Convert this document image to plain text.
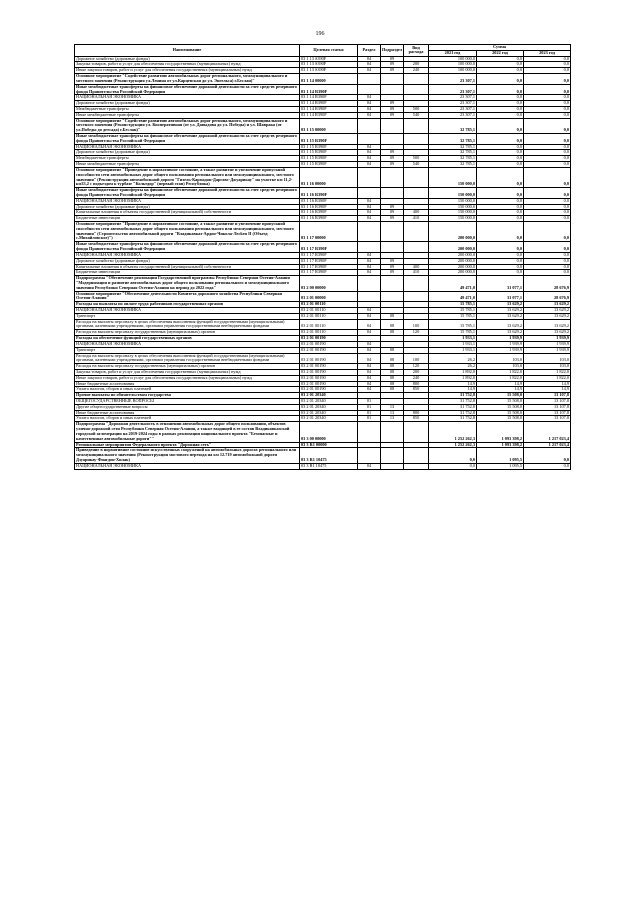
196
Наименование	Целевая статья	Раздел	Подраздел	Вид расхода	Сумма		
					2021 год	2022 год	2023 год
Дорожное хозяйство (дорожные фонды)	03 1 13 S390F	04	09		100 000,0	0,0	0,0
Закупка товаров, работ и услуг для обеспечения государственных (муниципальных) нужд	03 1 13 S390F	04	09	200	100 000,0	0,0	0,0
Иные закупки товаров, работ и услуг для обеспечения государственных (муниципальных) нужд	03 1 13 S390F	04	09	240	100 000,0	0,0	0,0
Основное мероприятие "Содействие развитию автомобильных дорог регионального, межмуниципального и местного значения (Реконструкция ул.Ленина от ул.Карцевская до ул. Энгельса) г.Беслан)"	03 1 14 00000				23 307,1	0,0	0,0
Иные межбюджетные трансферты на финансовое обеспечение дорожной деятельности за счет средств резервного фонда Правительства Российской Федерации	03 1 14 R390F				23 307,1	0,0	0,0
НАЦИОНАЛЬНАЯ ЭКОНОМИКА	03 1 14 R390F	04			23 307,1	0,0	0,0
Дорожное хозяйство (дорожные фонды)	03 1 14 R390F	04	09		23 307,1	0,0	0,0
Межбюджетные трансферты	03 1 14 R390F	04	09	500	23 307,1	0,0	0,0
Иные межбюджетные трансферты	03 1 14 R390F	04	09	540	23 307,1	0,0	0,0
Основное мероприятие "Содействие развитию автомобильных дорог регионального, межмуниципального и местного значения (Реконструкция ул. Кооперативная (от ул. Давыдова до ул. Победы) и ул. Шаврака (от ул.Победы до детсада) г.Беслан)"	03 1 15 00000				32 785,1	0,0	0,0
Иные межбюджетные трансферты на финансовое обеспечение дорожной деятельности за счет средств резервного фонда Правительства Российской Федерации	03 1 15 R390F				32 785,1	0,0	0,0
НАЦИОНАЛЬНАЯ ЭКОНОМИКА	03 1 15 R390F	04			32 785,1	0,0	0,0
Дорожное хозяйство (дорожные фонды)	03 1 15 R390F	04	09		32 785,1	0,0	0,0
Межбюджетные трансферты	03 1 15 R390F	04	09	500	32 785,1	0,0	0,0
Иные межбюджетные трансферты	03 1 15 R390F	04	09	540	32 785,1	0,0	0,0
Основное мероприятие "Приведение в нормативное состояние, а также развитие и увеличение пропускной способности сети автомобильных дорог общего пользования регионального или межмуниципального, местного значения" (Реконструкция автомобильной дороги "Гизель-Кармадон-Даргавс-Джуарикау" на участке км 11,2-км33,2 с подъездом к турбазе "Кольтдор" (первый этап) Республика)	03 1 16 00000				150 000,0	0,0	0,0
Иные межбюджетные трансферты на финансовое обеспечение дорожной деятельности за счет средств резервного фонда Правительства Российской Федерации	03 1 16 R390F				150 000,0	0,0	0,0
НАЦИОНАЛЬНАЯ ЭКОНОМИКА	03 1 16 R390F	04			150 000,0	0,0	0,0
Дорожное хозяйство (дорожные фонды)	03 1 16 R390F	04	09		150 000,0	0,0	0,0
Капитальные вложения в объекты государственной (муниципальной) собственности	03 1 16 R390F	04	09	400	150 000,0	0,0	0,0
Бюджетные инвестиции	03 1 16 R390F	04	09	410	150 000,0	0,0	0,0
Основное мероприятие "Приведение в нормативное состояние, а также развитие и увеличение пропускной способности сети автомобильных дорог общего пользования регионального или межмуниципального, местного значения" (Строительство автомобильной дороги "Владикавказ-Ардон-Чикола-Лесken II (Объезд с.Михайловское)")	03 1 17 00000				200 000,0	0,0	0,0
Иные межбюджетные трансферты на финансовое обеспечение дорожной деятельности за счет средств резервного фонда Правительства Российской Федерации	03 1 17 R390F				200 000,0	0,0	0,0
НАЦИОНАЛЬНАЯ ЭКОНОМИКА	03 1 17 R390F	04			200 000,0	0,0	0,0
Дорожное хозяйство (дорожные фонды)	03 1 17 R390F	04	09		200 000,0	0,0	0,0
Капитальные вложения в объекты государственной (муниципальной) собственности	03 1 17 R390F	04	09	400	200 000,0	0,0	0,0
Бюджетные инвестиции	03 1 17 R390F	04	09	410	200 000,0	0,0	0,0
Подпрограмма "Обеспечение реализации Государственной программы Республики Северная Осетия-Алания "Модернизация и развитие автомобильных дорог общего пользования регионального и межмуниципального значения Республики Северная Осетия-Алания на период до 2022 года"	03 2 00 00000				49 471,0	31 077,1	28 676,9
Основное мероприятие "Обеспечение деятельности Комитета дорожного хозяйства Республики Северная Осетия-Алания"	03 2 01 00000				49 471,0	31 077,1	28 676,9
Расходы на выплаты по оплате труда работников государственных органов	03 2 01 00110				15 785,1	13 629,2	13 629,2
НАЦИОНАЛЬНАЯ ЭКОНОМИКА	03 2 01 00110	04			15 785,1	13 629,2	13 629,2
Транспорт	03 2 01 00110	04	08		15 785,1	13 629,2	13 629,2
Расходы на выплаты персоналу в целях обеспечения выполнения функций государственными (муниципальными) органами, казенными учреждениями, органами управления государственными внебюджетными фондами	03 2 01 00110	04	08	100	15 785,1	13 629,2	13 629,2
Расходы на выплаты персоналу государственных (муниципальных) органов	03 2 01 00110	04	08	120	15 785,1	13 629,2	13 629,2
Расходы на обеспечение функций государственных органов	03 2 01 00190				1 933,1	1 939,9	1 939,9
НАЦИОНАЛЬНАЯ ЭКОНОМИКА	03 2 01 00190	04			1 933,1	1 939,9	1 939,9
Транспорт	03 2 01 00190	04	08		1 933,1	1 939,9	1 939,9
Расходы на выплаты персоналу в целях обеспечения выполнения функций государственными (муниципальными) органами, казенными учреждениями, органами управления государственными внебюджетными фондами	03 2 01 00190	04	08	100	26,2	103,0	103,0
Расходы на выплаты персоналу государственных (муниципальных) органов	03 2 01 00190	04	08	120	26,2	103,0	103,0
Закупка товаров, работ и услуг для обеспечения государственных (муниципальных) нужд	03 2 01 00190	04	08	200	1 892,0	1 822,0	1 822,0
Иные закупки товаров, работ и услуг для обеспечения государственных (муниципальных) нужд	03 2 01 00190	04	08	240	1 892,0	1 822,0	1 822,0
Иные бюджетные ассигнования	03 2 01 00190	04	08	800	14,9	14,9	14,9
Уплата налогов, сборов и иных платежей	03 2 01 00190	04	08	850	14,9	14,9	14,9
Прочие выплаты по обязательствам государства	03 2 01 20340				31 752,8	15 508,0	13 107,8
ОБЩЕГОСУДАРСТВЕННЫЕ ВОПРОСЫ	03 2 01 20340	01			31 752,8	15 508,0	13 107,8
Другие общегосударственные вопросы	03 2 01 20340	01	13		31 752,8	15 508,0	13 107,8
Иные бюджетные ассигнования	03 2 01 20340	01	13	800	31 752,8	15 508,0	13 107,8
Уплата налогов, сборов и иных платежей	03 2 01 20340	01	13	850	31 752,8	15 508,0	13 107,8
Подпрограмма "Дорожная деятельность в отношении автомобильных дорог общего пользования, объектов улично-дорожной сети Республики Северная Осетия-Алания, а также входящей в ее состав Владикавказской городской агломерации на 2019-2024 годы в рамках реализации национального проекта "Безопасные и качественные автомобильные дороги""	03 3 00 00000				1 252 262,3	1 093 398,2	1 217 023,4
Региональные мероприятия Федерального проекта "Дорожная сеть"	03 3 R1 00000				1 252 262,3	1 093 398,2	1 217 023,4
Приведение в нормативное состояние искусственных сооружений на автомобильных дорогах регионального или межмуниципального значения (Реконструкция мостового перехода на км 12.719 автомобильной дороги Дзуарикау-Фиагдон-Хилак)	03 3 R1 10475				0,0	1 095,5	0,0
НАЦИОНАЛЬНАЯ ЭКОНОМИКА	03 3 R1 10475	04			0,0	1 095,5	0,0
